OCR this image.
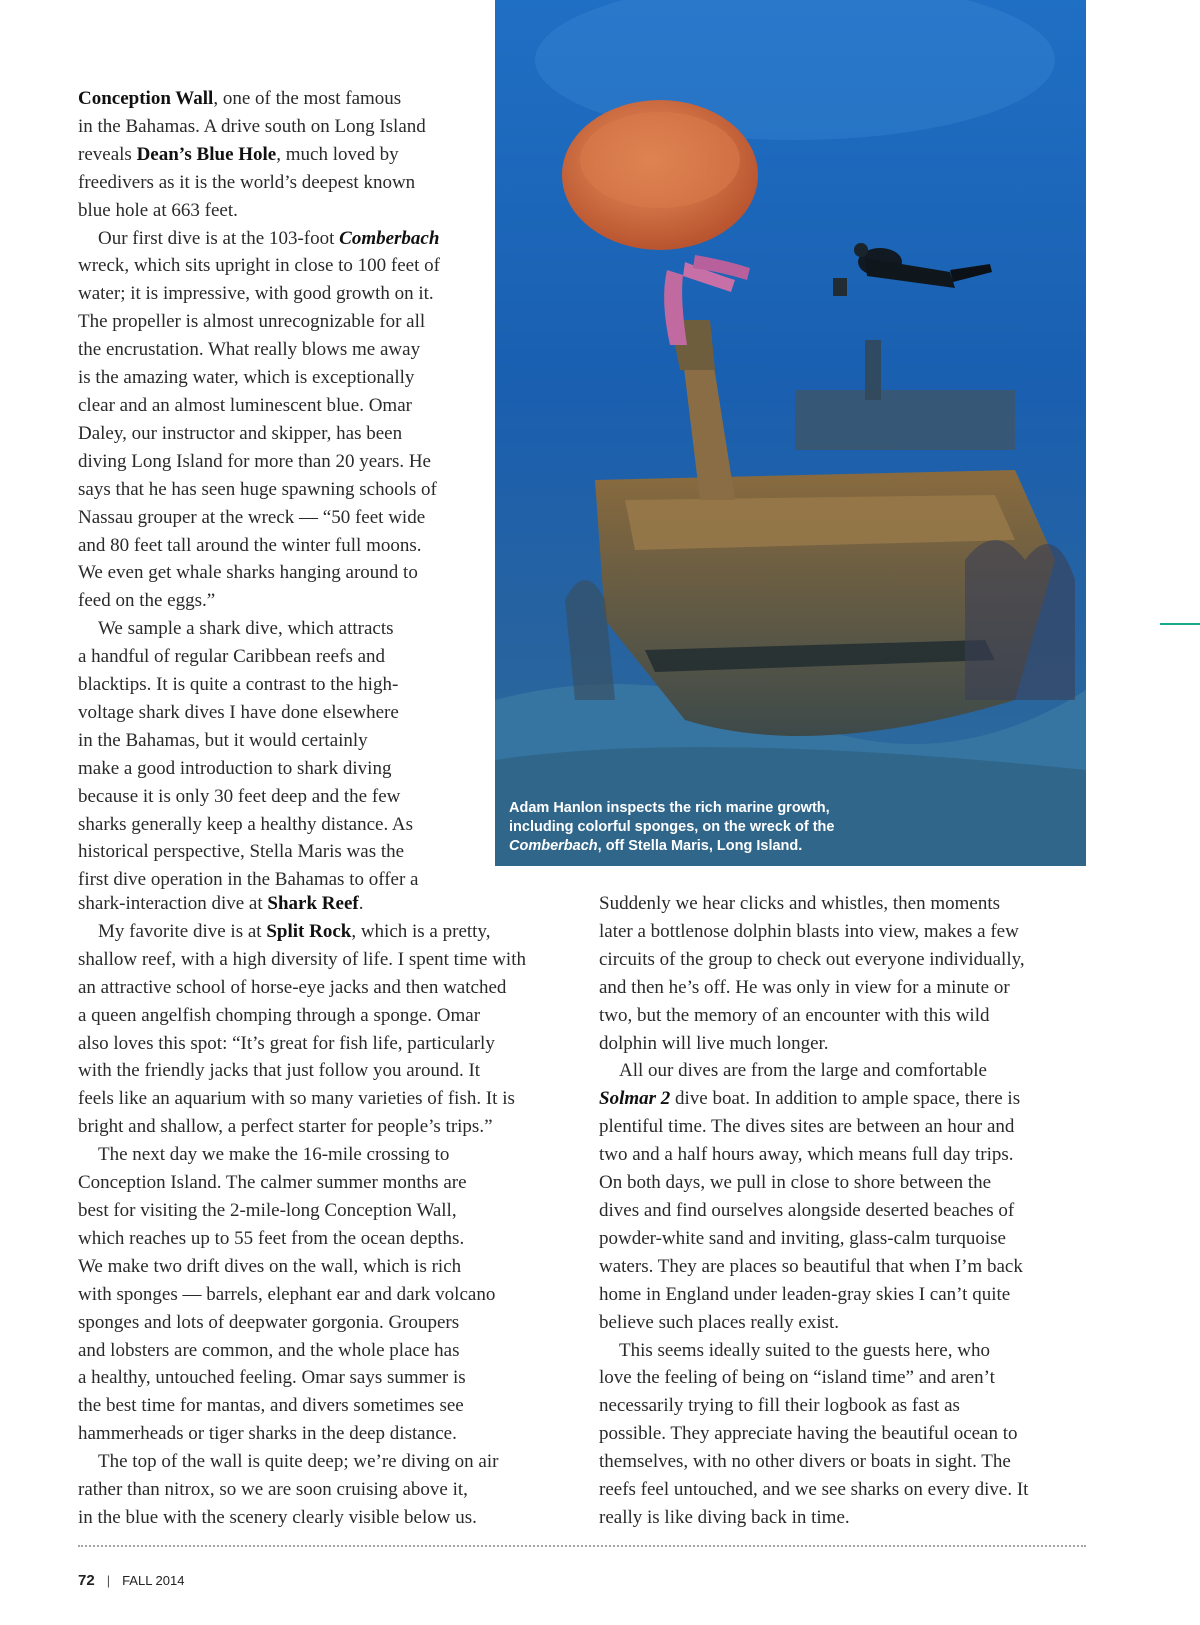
Adam Hanlon inspects the rich marine growth,
including colorful sponges, on the wreck of the
Comberbach, off Stella Maris, Long Island.
Conception Wall, one of the most famous
in the Bahamas. A drive south on Long Island
reveals Dean’s Blue Hole, much loved by
freedivers as it is the world’s deepest known
blue hole at 663 feet.
Our first dive is at the 103-foot Comberbach
wreck, which sits upright in close to 100 feet of
water; it is impressive, with good growth on it.
The propeller is almost unrecognizable for all
the encrustation. What really blows me away
is the amazing water, which is exceptionally
clear and an almost luminescent blue. Omar
Daley, our instructor and skipper, has been
diving Long Island for more than 20 years. He
says that he has seen huge spawning schools of
Nassau grouper at the wreck — “50 feet wide
and 80 feet tall around the winter full moons.
We even get whale sharks hanging around to
feed on the eggs.”
We sample a shark dive, which attracts
a handful of regular Caribbean reefs and
blacktips. It is quite a contrast to the high-
voltage shark dives I have done elsewhere
in the Bahamas, but it would certainly
make a good introduction to shark diving
because it is only 30 feet deep and the few
sharks generally keep a healthy distance. As
historical perspective, Stella Maris was the
first dive operation in the Bahamas to offer a
shark-interaction dive at Shark Reef.
My favorite dive is at Split Rock, which is a pretty,
shallow reef, with a high diversity of life. I spent time with
an attractive school of horse-eye jacks and then watched
a queen angelfish chomping through a sponge. Omar
also loves this spot: “It’s great for fish life, particularly
with the friendly jacks that just follow you around. It
feels like an aquarium with so many varieties of fish. It is
bright and shallow, a perfect starter for people’s trips.”
The next day we make the 16-mile crossing to
Conception Island. The calmer summer months are
best for visiting the 2-mile-long Conception Wall,
which reaches up to 55 feet from the ocean depths.
We make two drift dives on the wall, which is rich
with sponges — barrels, elephant ear and dark volcano
sponges and lots of deepwater gorgonia. Groupers
and lobsters are common, and the whole place has
a healthy, untouched feeling. Omar says summer is
the best time for mantas, and divers sometimes see
hammerheads or tiger sharks in the deep distance.
The top of the wall is quite deep; we’re diving on air
rather than nitrox, so we are soon cruising above it,
in the blue with the scenery clearly visible below us.
Suddenly we hear clicks and whistles, then moments
later a bottlenose dolphin blasts into view, makes a few
circuits of the group to check out everyone individually,
and then he’s off. He was only in view for a minute or
two, but the memory of an encounter with this wild
dolphin will live much longer.
All our dives are from the large and comfortable
Solmar 2 dive boat. In addition to ample space, there is
plentiful time. The dives sites are between an hour and
two and a half hours away, which means full day trips.
On both days, we pull in close to shore between the
dives and find ourselves alongside deserted beaches of
powder-white sand and inviting, glass-calm turquoise
waters. They are places so beautiful that when I’m back
home in England under leaden-gray skies I can’t quite
believe such places really exist.
This seems ideally suited to the guests here, who
love the feeling of being on “island time” and aren’t
necessarily trying to fill their logbook as fast as
possible. They appreciate having the beautiful ocean to
themselves, with no other divers or boats in sight. The
reefs feel untouched, and we see sharks on every dive. It
really is like diving back in time.
72 | FALL 2014
